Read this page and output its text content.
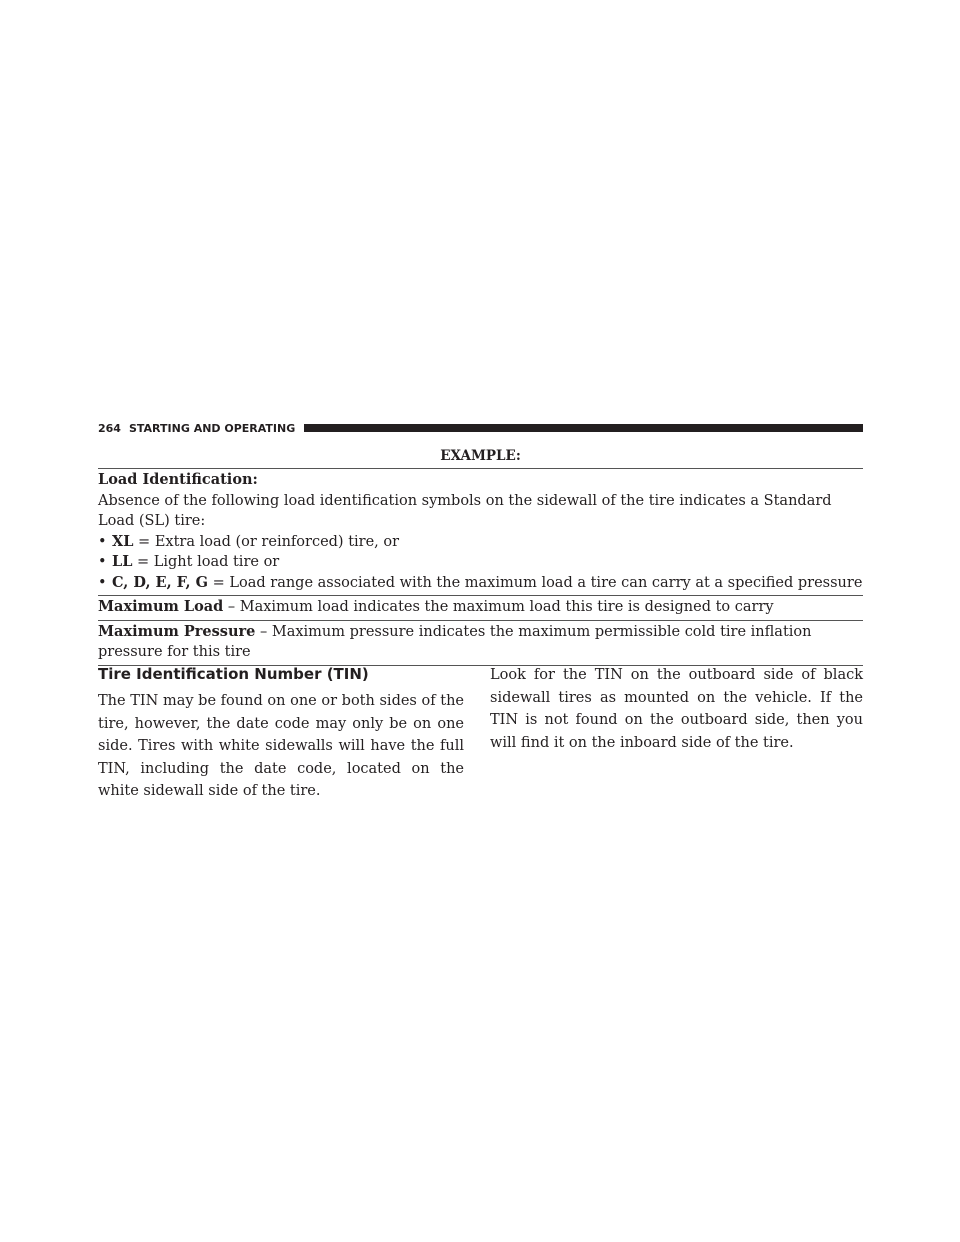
264 STARTING AND OPERATING
EXAMPLE:
Load Identification:
Absence of the following load identification symbols on the sidewall of the tire indicates a Standard Load (SL) tire:
• XL = Extra load (or reinforced) tire, or
• LL = Light load tire or
• C, D, E, F, G = Load range associated with the maximum load a tire can carry at a specified pressure
Maximum Load – Maximum load indicates the maximum load this tire is designed to carry
Maximum Pressure – Maximum pressure indicates the maximum permissible cold tire inflation pressure for this tire
Tire Identification Number (TIN)
The TIN may be found on one or both sides of the tire, however, the date code may only be on one side. Tires with white sidewalls will have the full TIN, including the date code, located on the white sidewall side of the tire.
Look for the TIN on the outboard side of black sidewall tires as mounted on the vehicle. If the TIN is not found on the outboard side, then you will find it on the inboard side of the tire.
